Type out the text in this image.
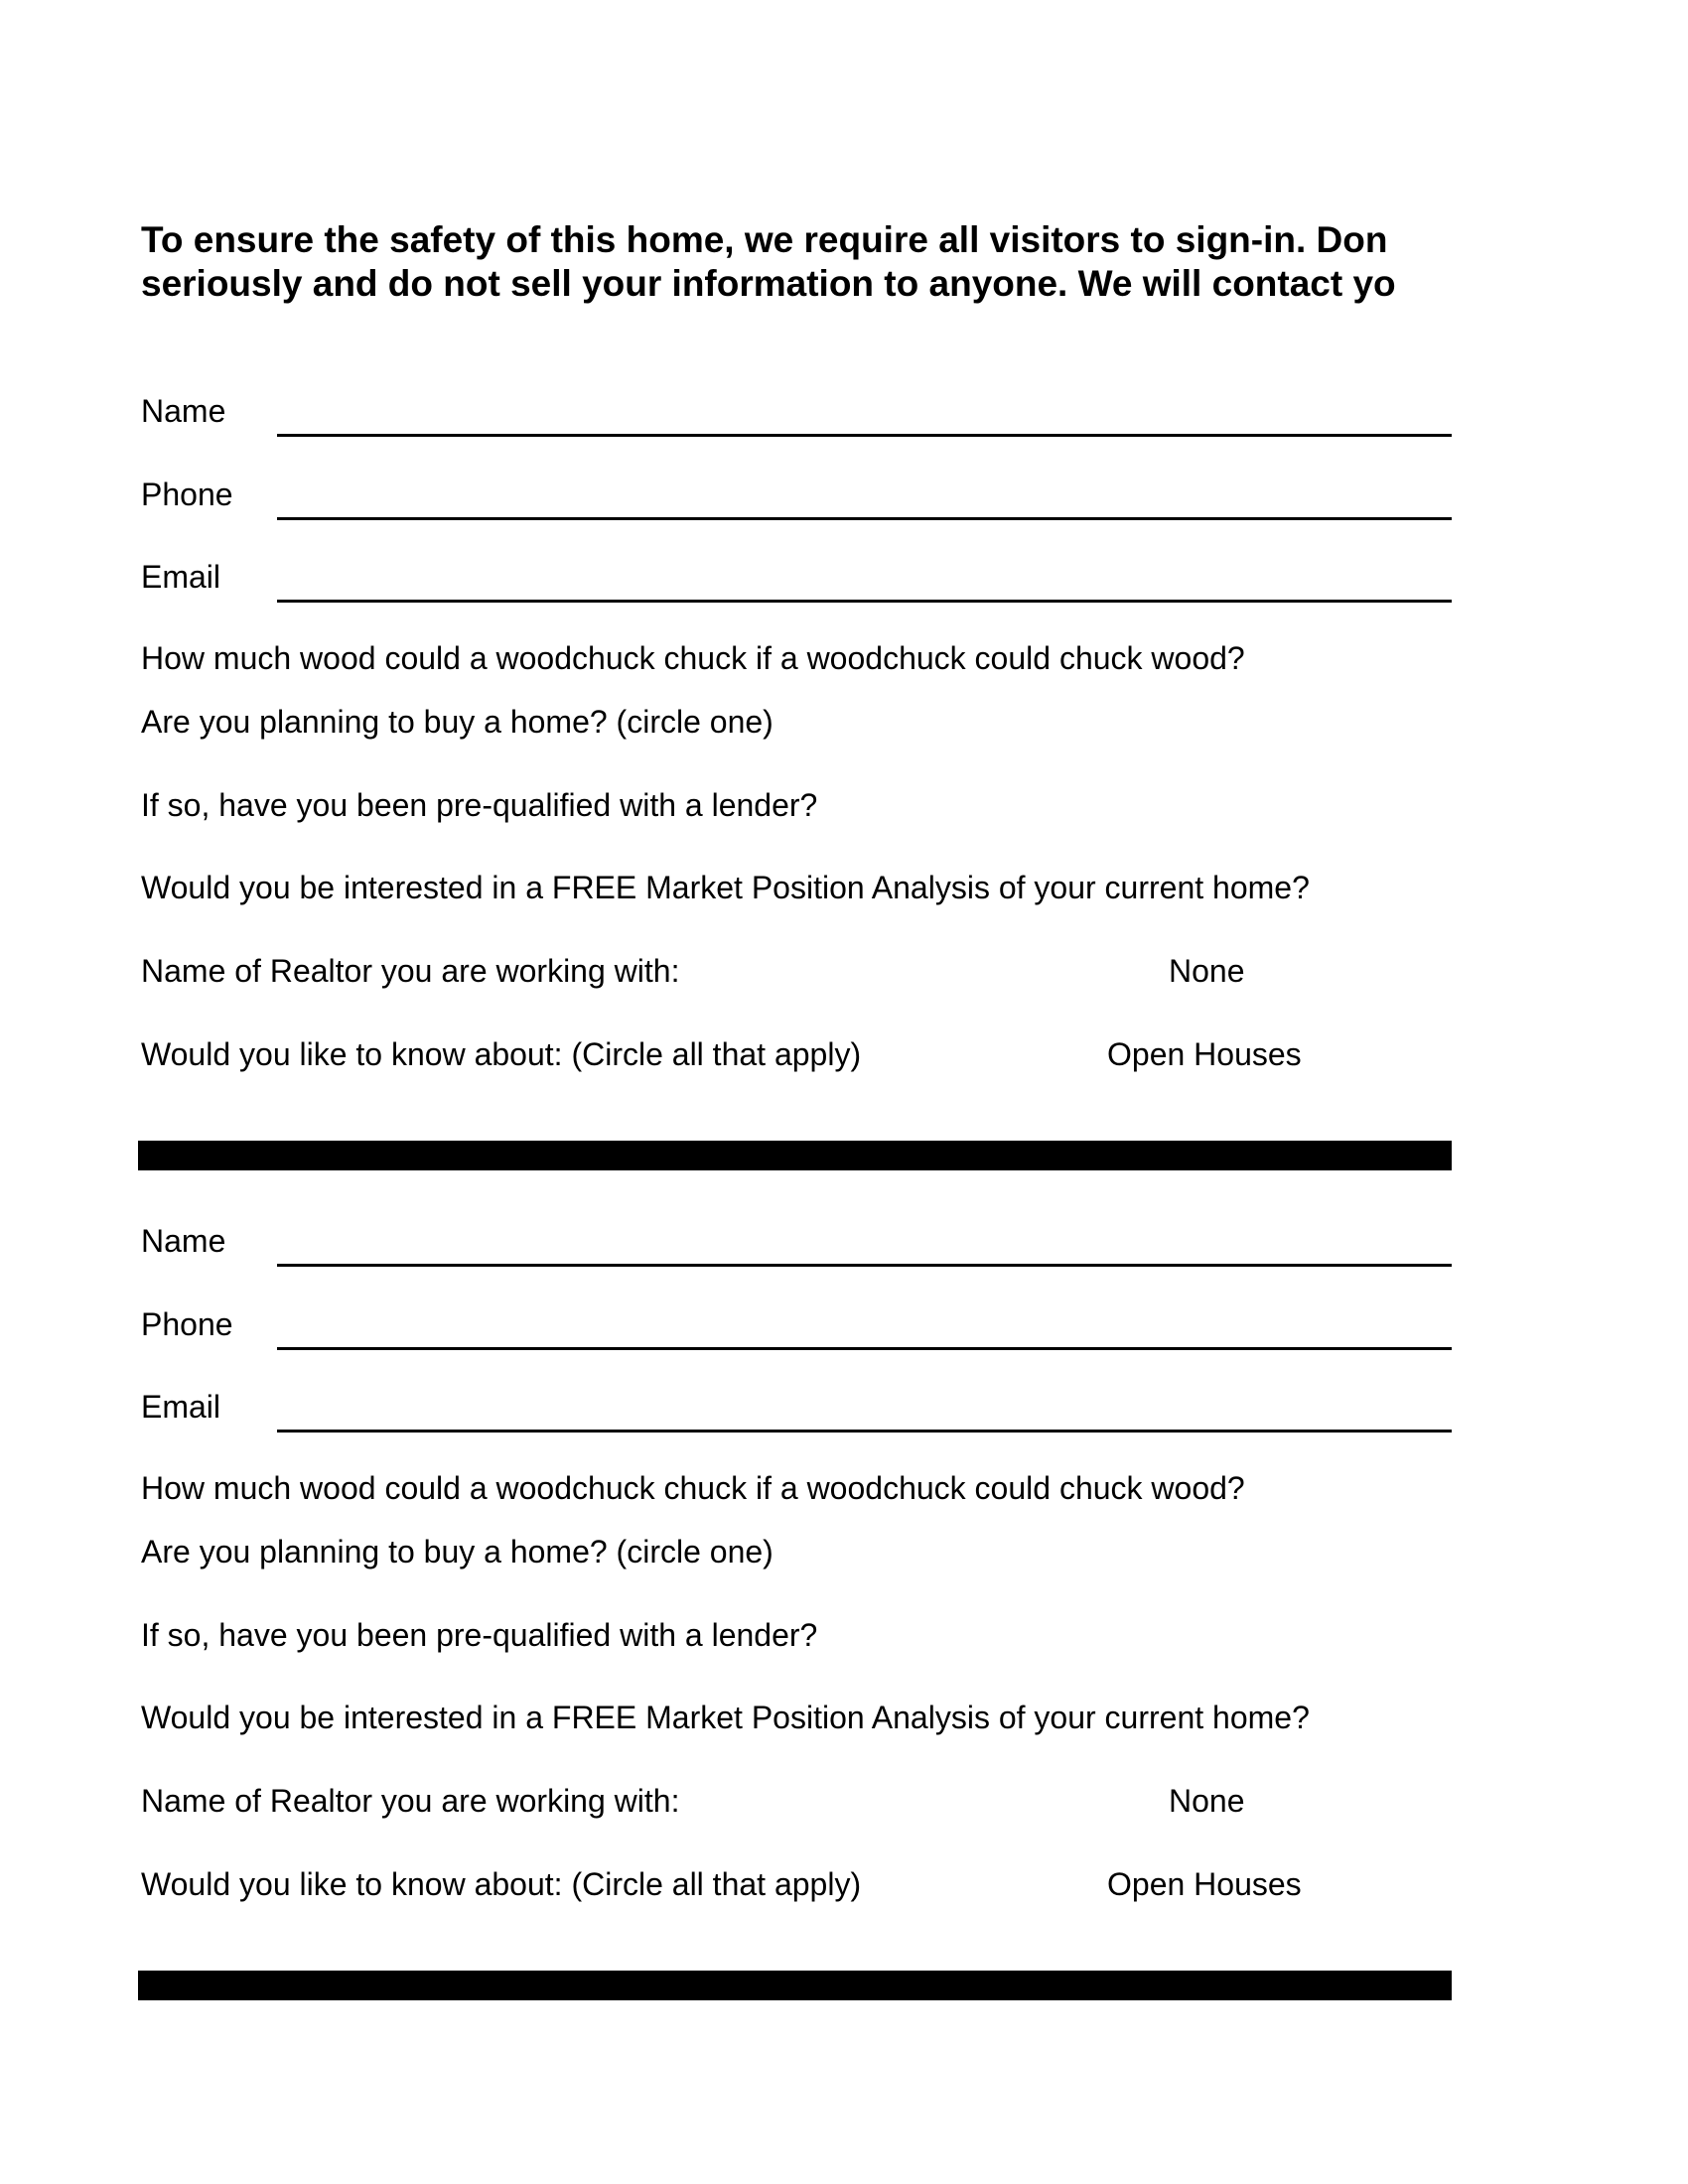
To ensure the safety of this home, we require all visitors to sign-in. Don
seriously and do not sell your information to anyone. We will contact yo
Name
Phone
Email
How much wood could a woodchuck chuck if a woodchuck could chuck wood?
Are you planning to buy a home? (circle one)
If so, have you been pre-qualified with a lender?
Would you be interested in a FREE Market Position Analysis of your current home?
Name of Realtor you are working with:	None
Would you like to know about: (Circle all that apply)	Open Houses
Name
Phone
Email
How much wood could a woodchuck chuck if a woodchuck could chuck wood?
Are you planning to buy a home? (circle one)
If so, have you been pre-qualified with a lender?
Would you be interested in a FREE Market Position Analysis of your current home?
Name of Realtor you are working with:	None
Would you like to know about: (Circle all that apply)	Open Houses
